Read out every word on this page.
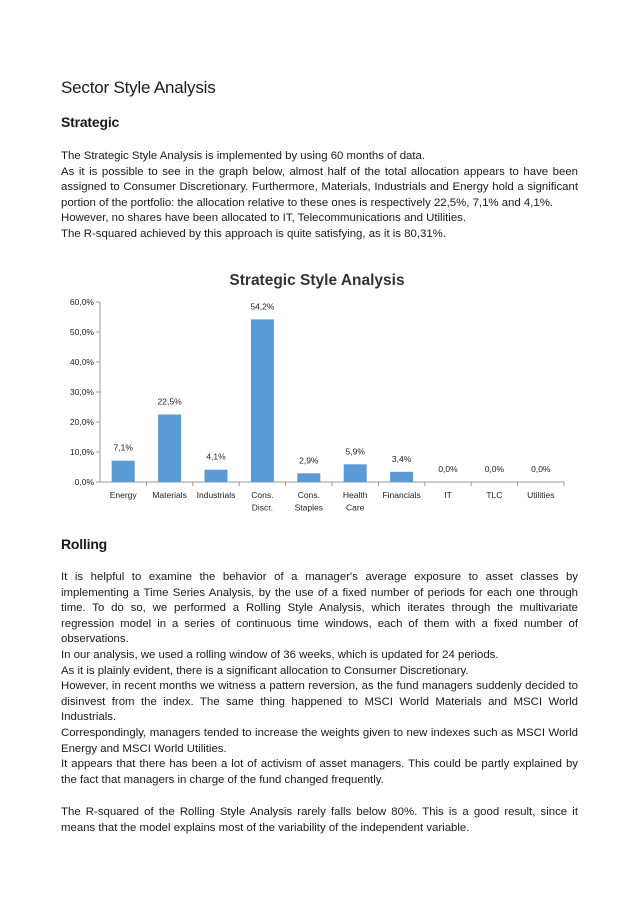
Sector Style Analysis
Strategic

The Strategic Style Analysis is implemented by using 60 months of data.

As it is possible to see in the graph below, almost half of the total allocation appears to have been assigned to Consumer Discretionary. Furthermore, Materials, Industrials and Energy hold a significant portion of the portfolio: the allocation relative to these ones is respectively 22,5%, 7,1% and 4,1%.

However, no shares have been allocated to IT, Telecommunications and Utilities.

The R-squared achieved by this approach is quite satisfying, as it is 80,31%.

Strategic Style Analysis
0,0%
10,0%
20,0%
30,0%
40,0%
50,0%
60,0%
7,1%
Energy
22,5%
Materials
4,1%
Industrials
54,2%
Cons.
Discr.
2,9%
Cons.
Staples
5,9%
Health
Care
3,4%
Financials
0,0%
IT
0,0%
TLC
0,0%
Utilities
Rolling

It is helpful to examine the behavior of a manager's average exposure to asset classes by implementing a Time Series Analysis, by the use of a fixed number of periods for each one through time. To do so, we performed a Rolling Style Analysis, which iterates through the multivariate regression model in a series of continuous time windows, each of them with a fixed number of observations.

In our analysis, we used a rolling window of 36 weeks, which is updated for 24 periods.

As it is plainly evident, there is a significant allocation to Consumer Discretionary.

However, in recent months we witness a pattern reversion, as the fund managers suddenly decided to disinvest from the index. The same thing happened to MSCI World Materials and MSCI World Industrials.

Correspondingly, managers tended to increase the weights given to new indexes such as MSCI World Energy and MSCI World Utilities.

It appears that there has been a lot of activism of asset managers. This could be partly explained by the fact that managers in charge of the fund changed frequently.

The R-squared of the Rolling Style Analysis rarely falls below 80%. This is a good result, since it means that the model explains most of the variability of the independent variable.
